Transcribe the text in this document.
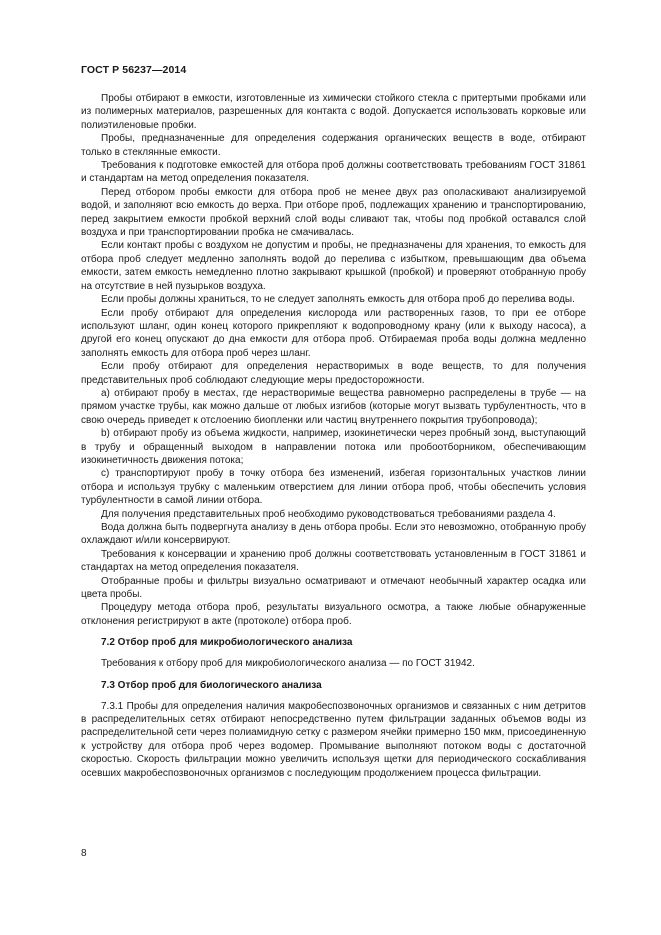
ГОСТ Р 56237—2014

Пробы отбирают в емкости, изготовленные из химически стойкого стекла с притертыми пробками или из полимерных материалов, разрешенных для контакта с водой. Допускается использовать корковые или полиэтиленовые пробки.

Пробы, предназначенные для определения содержания органических веществ в воде, отбирают только в стеклянные емкости.

Требования к подготовке емкостей для отбора проб должны соответствовать требованиям ГОСТ 31861 и стандартам на метод определения показателя.

Перед отбором пробы емкости для отбора проб не менее двух раз ополаскивают анализируемой водой, и заполняют всю емкость до верха. При отборе проб, подлежащих хранению и транспортированию, перед закрытием емкости пробкой верхний слой воды сливают так, чтобы под пробкой оставался слой воздуха и при транспортировании пробка не смачивалась.

Если контакт пробы с воздухом не допустим и пробы, не предназначены для хранения, то емкость для отбора проб следует медленно заполнять водой до перелива с избытком, превышающим два объема емкости, затем емкость немедленно плотно закрывают крышкой (пробкой) и проверяют отобранную пробу на отсутствие в ней пузырьков воздуха.

Если пробы должны храниться, то не следует заполнять емкость для отбора проб до перелива воды.

Если пробу отбирают для определения кислорода или растворенных газов, то при ее отборе используют шланг, один конец которого прикрепляют к водопроводному крану (или к выходу насоса), а другой его конец опускают до дна емкости для отбора проб. Отбираемая проба воды должна медленно заполнять емкость для отбора проб через шланг.

Если пробу отбирают для определения нерастворимых в воде веществ, то для получения представительных проб соблюдают следующие меры предосторожности.

а) отбирают пробу в местах, где нерастворимые вещества равномерно распределены в трубе — на прямом участке трубы, как можно дальше от любых изгибов (которые могут вызвать турбулентность, что в свою очередь приведет к отслоению биопленки или частиц внутреннего покрытия трубопровода);

b) отбирают пробу из объема жидкости, например, изокинетически через пробный зонд, выступающий в трубу и обращенный выходом в направлении потока или пробоотборником, обеспечивающим изокинетичность движения потока;

c) транспортируют пробу в точку отбора без изменений, избегая горизонтальных участков линии отбора и используя трубку с маленьким отверстием для линии отбора проб, чтобы обеспечить условия турбулентности в самой линии отбора.

Для получения представительных проб необходимо руководствоваться требованиями раздела 4.

Вода должна быть подвергнута анализу в день отбора пробы. Если это невозможно, отобранную пробу охлаждают и/или консервируют.

Требования к консервации и хранению проб должны соответствовать установленным в ГОСТ 31861 и стандартах на метод определения показателя.

Отобранные пробы и фильтры визуально осматривают и отмечают необычный характер осадка или цвета пробы.

Процедуру метода отбора проб, результаты визуального осмотра, а также любые обнаруженные отклонения регистрируют в акте (протоколе) отбора проб.

7.2 Отбор проб для микробиологического анализа

Требования к отбору проб для микробиологического анализа — по ГОСТ 31942.

7.3 Отбор проб для биологического анализа

7.3.1 Пробы для определения наличия макробеспозвоночных организмов и связанных с ним детритов в распределительных сетях отбирают непосредственно путем фильтрации заданных объемов воды из распределительной сети через полиамидную сетку с размером ячейки примерно 150 мкм, присоединенную к устройству для отбора проб через водомер. Промывание выполняют потоком воды с достаточной скоростью. Скорость фильтрации можно увеличить используя щетки для периодического соскабливания осевших макробеспозвоночных организмов с последующим продолжением процесса фильтрации.

8
